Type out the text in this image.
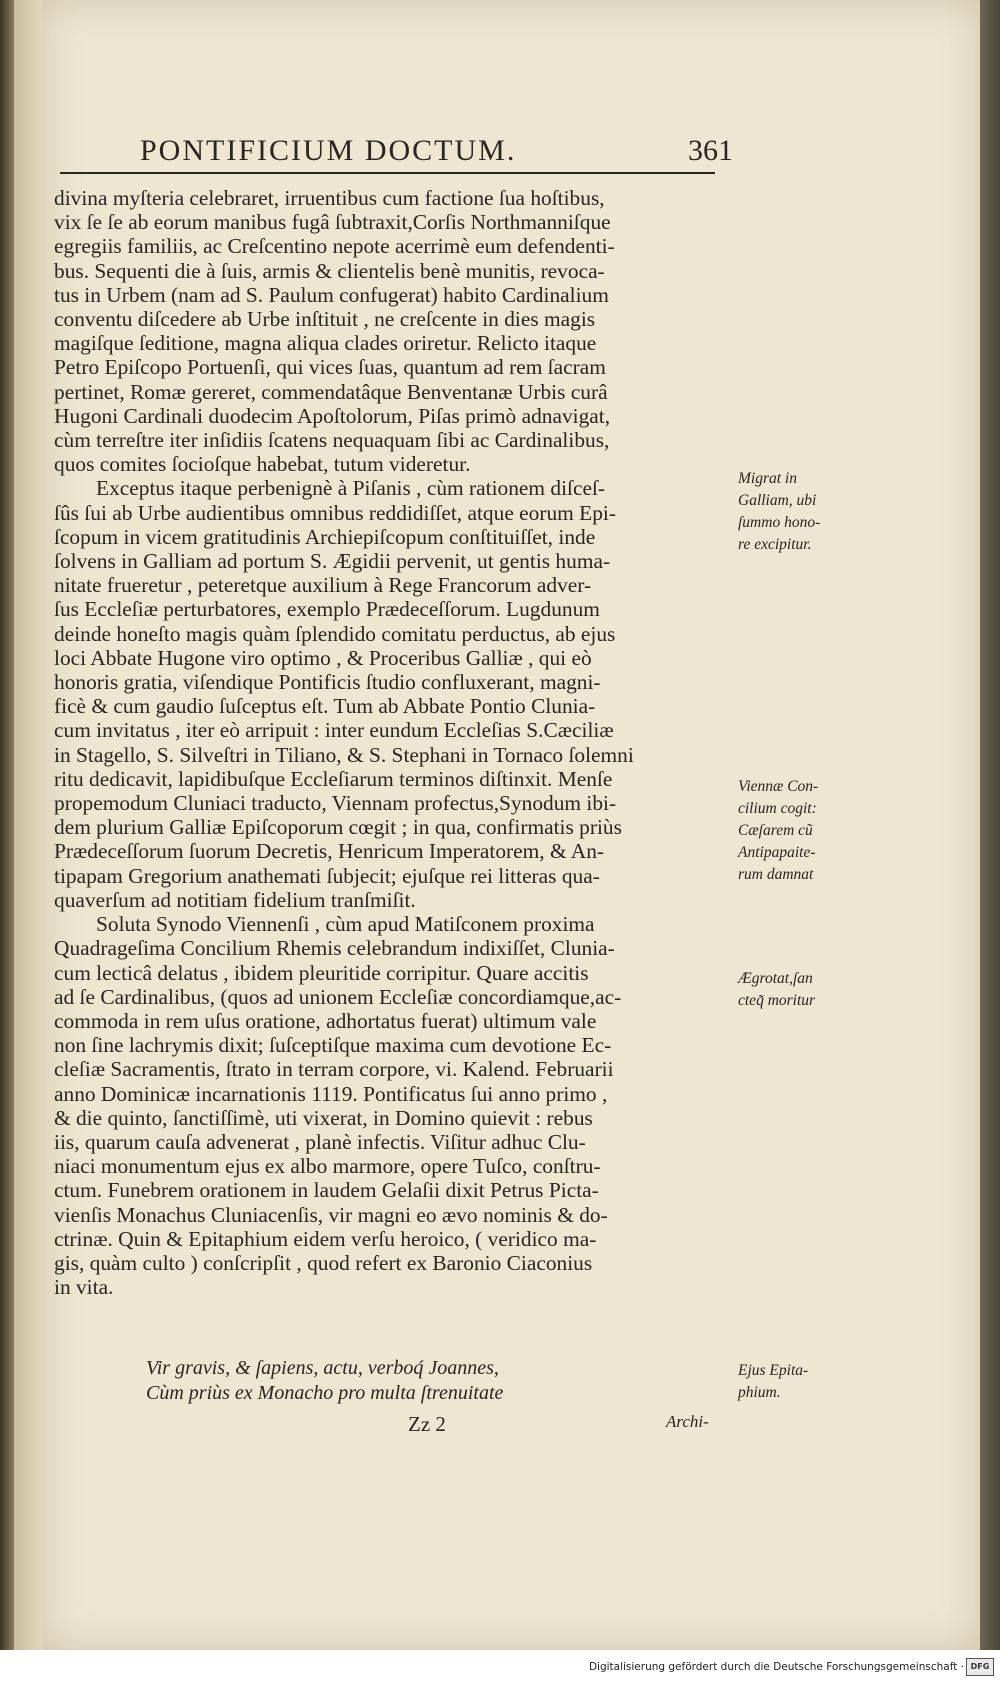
PONTIFICIUM DOCTUM.	361
divina myſteria celebraret, irruentibus cum factione ſua hoſtibus,
vix ſe ſe ab eorum manibus fugâ ſubtraxit,Corſis Northmanniſque
egregiis familiis, ac Creſcentino nepote acerrimè eum defendenti-
bus. Sequenti die à ſuis, armis & clientelis benè munitis, revoca-
tus in Urbem (nam ad S. Paulum confugerat) habito Cardinalium
conventu diſcedere ab Urbe inſtituit , ne creſcente in dies magis
magiſque ſeditione, magna aliqua clades oriretur. Relicto itaque
Petro Epiſcopo Portuenſi, qui vices ſuas, quantum ad rem ſacram
pertinet, Romæ gereret, commendatâque Benventanæ Urbis curâ
Hugoni Cardinali duodecim Apoſtolorum, Piſas primò adnavigat,
cùm terreſtre iter inſidiis ſcatens nequaquam ſibi ac Cardinalibus,
quos comites ſocioſque habebat, tutum videretur.
Exceptus itaque perbenignè à Piſanis , cùm rationem diſceſ-
ſûs ſui ab Urbe audientibus omnibus reddidiſſet, atque eorum Epi-
ſcopum in vicem gratitudinis Archiepiſcopum conſtituiſſet, inde
ſolvens in Galliam ad portum S. Ægidii pervenit, ut gentis huma-
nitate frueretur , peteretque auxilium à Rege Francorum adver-
ſus Eccleſiæ perturbatores, exemplo Prædeceſſorum. Lugdunum
deinde honeſto magis quàm ſplendido comitatu perductus, ab ejus
loci Abbate Hugone viro optimo , & Proceribus Galliæ , qui eò
honoris gratia, viſendique Pontificis ſtudio confluxerant, magni-
ficè & cum gaudio ſuſceptus eſt. Tum ab Abbate Pontio Clunia-
cum invitatus , iter eò arripuit : inter eundum Eccleſias S.Cæciliæ
in Stagello, S. Silveſtri in Tiliano, & S. Stephani in Tornaco ſolemni
ritu dedicavit, lapidibuſque Eccleſiarum terminos diſtinxit. Menſe
propemodum Cluniaci traducto, Viennam profectus,Synodum ibi-
dem plurium Galliæ Epiſcoporum cœgit ; in qua, confirmatis priùs
Prædeceſſorum ſuorum Decretis, Henricum Imperatorem, & An-
tipapam Gregorium anathemati ſubjecit; ejuſque rei litteras qua-
quaverſum ad notitiam fidelium tranſmiſit.
Soluta Synodo Viennenſi , cùm apud Matiſconem proxima
Quadrageſima Concilium Rhemis celebrandum indixiſſet, Clunia-
cum lecticâ delatus , ibidem pleuritide corripitur. Quare accitis
ad ſe Cardinalibus, (quos ad unionem Eccleſiæ concordiamque,ac-
commoda in rem uſus oratione, adhortatus fuerat) ultimum vale
non ſine lachrymis dixit; ſuſceptiſque maxima cum devotione Ec-
cleſiæ Sacramentis, ſtrato in terram corpore, vi. Kalend. Februarii
anno Dominicæ incarnationis 1119. Pontificatus ſui anno primo ,
& die quinto, ſanctiſſimè, uti vixerat, in Domino quievit : rebus
iis, quarum cauſa advenerat , planè infectis. Viſitur adhuc Clu-
niaci monumentum ejus ex albo marmore, opere Tuſco, conſtru-
ctum. Funebrem orationem in laudem Gelaſii dixit Petrus Picta-
vienſis Monachus Cluniacenſis, vir magni eo ævo nominis & do-
ctrinæ. Quin & Epitaphium eidem verſu heroico, ( veridico ma-
gis, quàm culto ) conſcripſit , quod refert ex Baronio Ciaconius
in vita.
Migrat in
Galliam, ubi
ſummo hono-
re excipitur.
Viennæ Con-
cilium cogit:
Cæſarem cũ
Antipapaite-
rum damnat
Ægrotat,ſan
cteq̃ moritur
Ejus Epita-
phium.
Vir gravis, & ſapiens, actu, verboq́ Joannes,
Cùm priùs ex Monacho pro multa ſtrenuitate
Zz 2	Archi-
Digitalisierung gefördert durch die Deutsche Forschungsgemeinschaft · DFG
